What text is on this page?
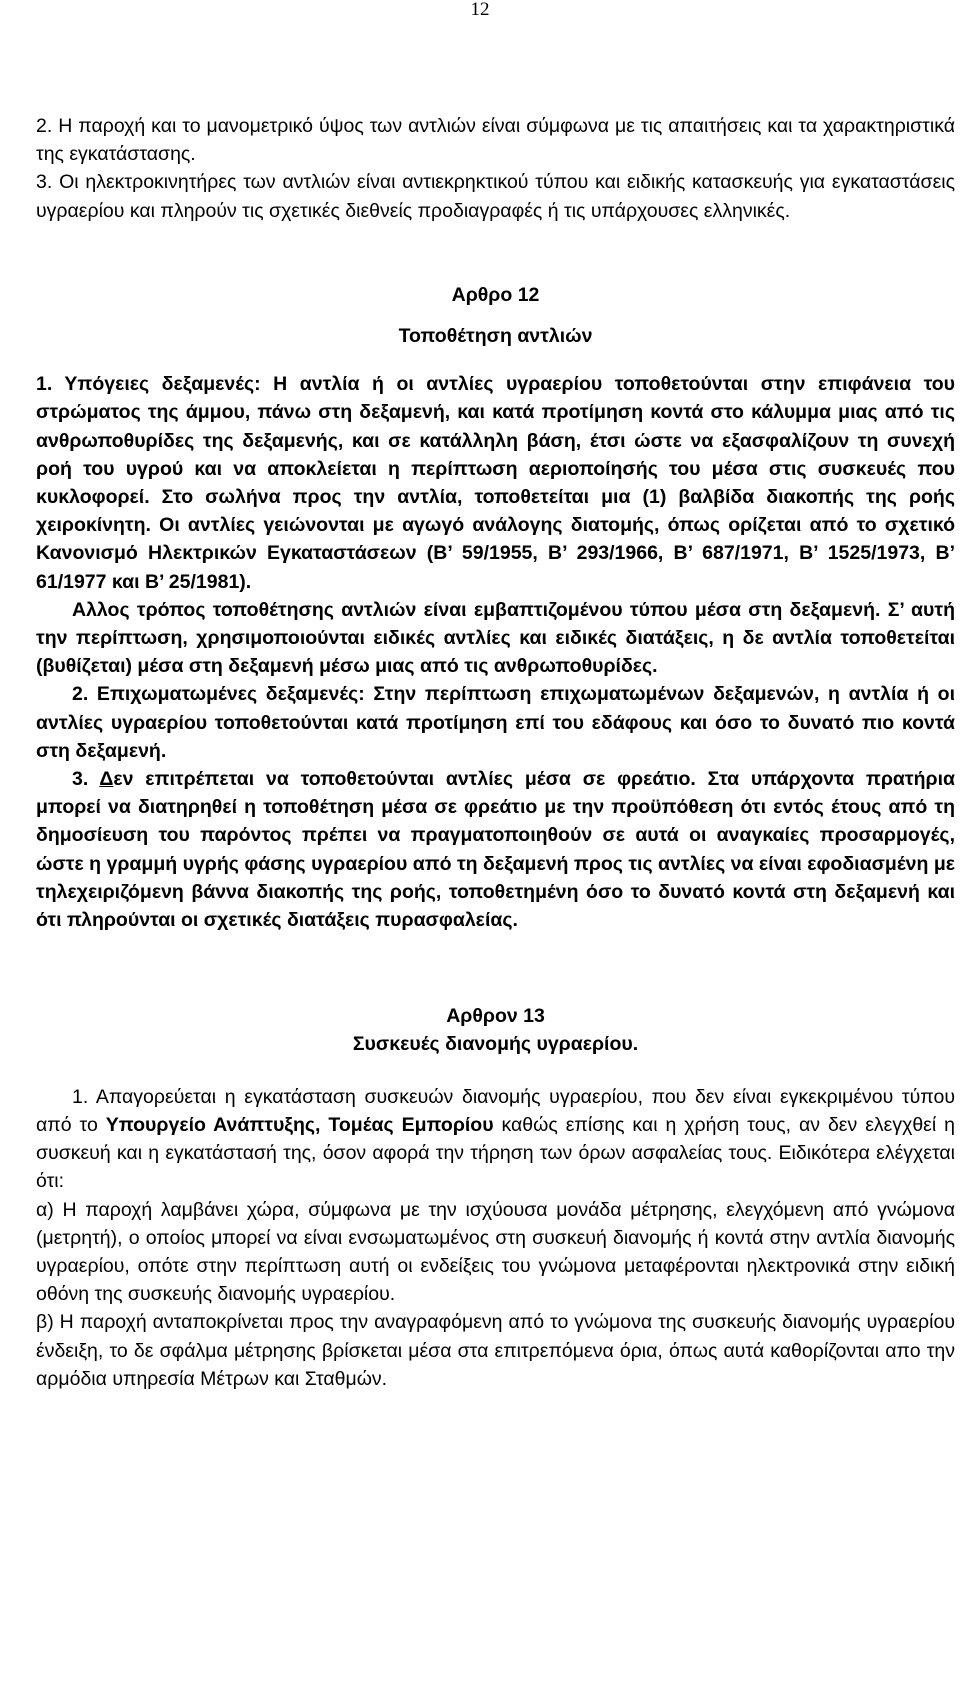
12

2. Η παροχή και το μανομετρικό ύψος των αντλιών είναι σύμφωνα με τις απαιτήσεις και τα χαρακτηριστικά της εγκατάστασης.

3. Οι ηλεκτροκινητήρες των αντλιών είναι αντιεκρηκτικού τύπου και ειδικής κατασκευής για εγκαταστάσεις υγραερίου και πληρούν τις σχετικές διεθνείς προδιαγραφές ή τις υπάρχουσες ελληνικές.

Αρθρο 12

Τοποθέτηση αντλιών

1. Υπόγειες δεξαμενές: Η αντλία ή οι αντλίες υγραερίου τοποθετούνται στην επιφάνεια του στρώματος της άμμου, πάνω στη δεξαμενή, και κατά προτίμηση κοντά στο κάλυμμα μιας από τις ανθρωποθυρίδες της δεξαμενής, και σε κατάλληλη βάση, έτσι ώστε να εξασφαλίζουν τη συνεχή ροή του υγρού και να αποκλείεται η περίπτωση αεριοποίησής του μέσα στις συσκευές που κυκλοφορεί. Στο σωλήνα προς την αντλία, τοποθετείται μια (1) βαλβίδα διακοπής της ροής χειροκίνητη. Οι αντλίες γειώνονται με αγωγό ανάλογης διατομής, όπως ορίζεται από το σχετικό Κανονισμό Ηλεκτρικών Εγκαταστάσεων (Β’ 59/1955, Β’ 293/1966, Β’ 687/1971, Β’ 1525/1973, Β’ 61/1977 και Β’ 25/1981).

Αλλος τρόπος τοποθέτησης αντλιών είναι εμβαπτιζομένου τύπου μέσα στη δεξαμενή. Σ’ αυτή την περίπτωση, χρησιμοποιούνται ειδικές αντλίες και ειδικές διατάξεις, η δε αντλία τοποθετείται (βυθίζεται) μέσα στη δεξαμενή μέσω μιας από τις ανθρωποθυρίδες.

2. Επιχωματωμένες δεξαμενές: Στην περίπτωση επιχωματωμένων δεξαμενών, η αντλία ή οι αντλίες υγραερίου τοποθετούνται κατά προτίμηση επί του εδάφους και όσο το δυνατό πιο κοντά στη δεξαμενή.

3. Δεν επιτρέπεται να τοποθετούνται αντλίες μέσα σε φρεάτιο. Στα υπάρχοντα πρατήρια μπορεί να διατηρηθεί η τοποθέτηση μέσα σε φρεάτιο με την προϋπόθεση ότι εντός έτους από τη δημοσίευση του παρόντος πρέπει να πραγματοποιηθούν σε αυτά οι αναγκαίες προσαρμογές, ώστε η γραμμή υγρής φάσης υγραερίου από τη δεξαμενή προς τις αντλίες να είναι εφοδιασμένη με τηλεχειριζόμενη βάννα διακοπής της ροής, τοποθετημένη όσο το δυνατό κοντά στη δεξαμενή και ότι πληρούνται οι σχετικές διατάξεις πυρασφαλείας.

Αρθρον 13

Συσκευές διανομής υγραερίου.

1. Απαγορεύεται η εγκατάσταση συσκευών διανομής υγραερίου, που δεν είναι εγκεκριμένου τύπου από το Υπουργείο Ανάπτυξης, Τομέας Εμπορίου καθώς επίσης και η χρήση τους, αν δεν ελεγχθεί η συσκευή και η εγκατάστασή της, όσον αφορά την τήρηση των όρων ασφαλείας τους. Ειδικότερα ελέγχεται ότι:

α) Η παροχή λαμβάνει χώρα, σύμφωνα με την ισχύουσα μονάδα μέτρησης, ελεγχόμενη από γνώμονα (μετρητή), ο οποίος μπορεί να είναι ενσωματωμένος στη συσκευή διανομής ή κοντά στην αντλία διανομής υγραερίου, οπότε στην περίπτωση αυτή οι ενδείξεις του γνώμονα μεταφέρονται ηλεκτρονικά στην ειδική οθόνη της συσκευής διανομής υγραερίου.

β) Η παροχή ανταποκρίνεται προς την αναγραφόμενη από το γνώμονα της συσκευής διανομής υγραερίου ένδειξη, το δε σφάλμα μέτρησης βρίσκεται μέσα στα επιτρεπόμενα όρια, όπως αυτά καθορίζονται απο την αρμόδια υπηρεσία Μέτρων και Σταθμών.
